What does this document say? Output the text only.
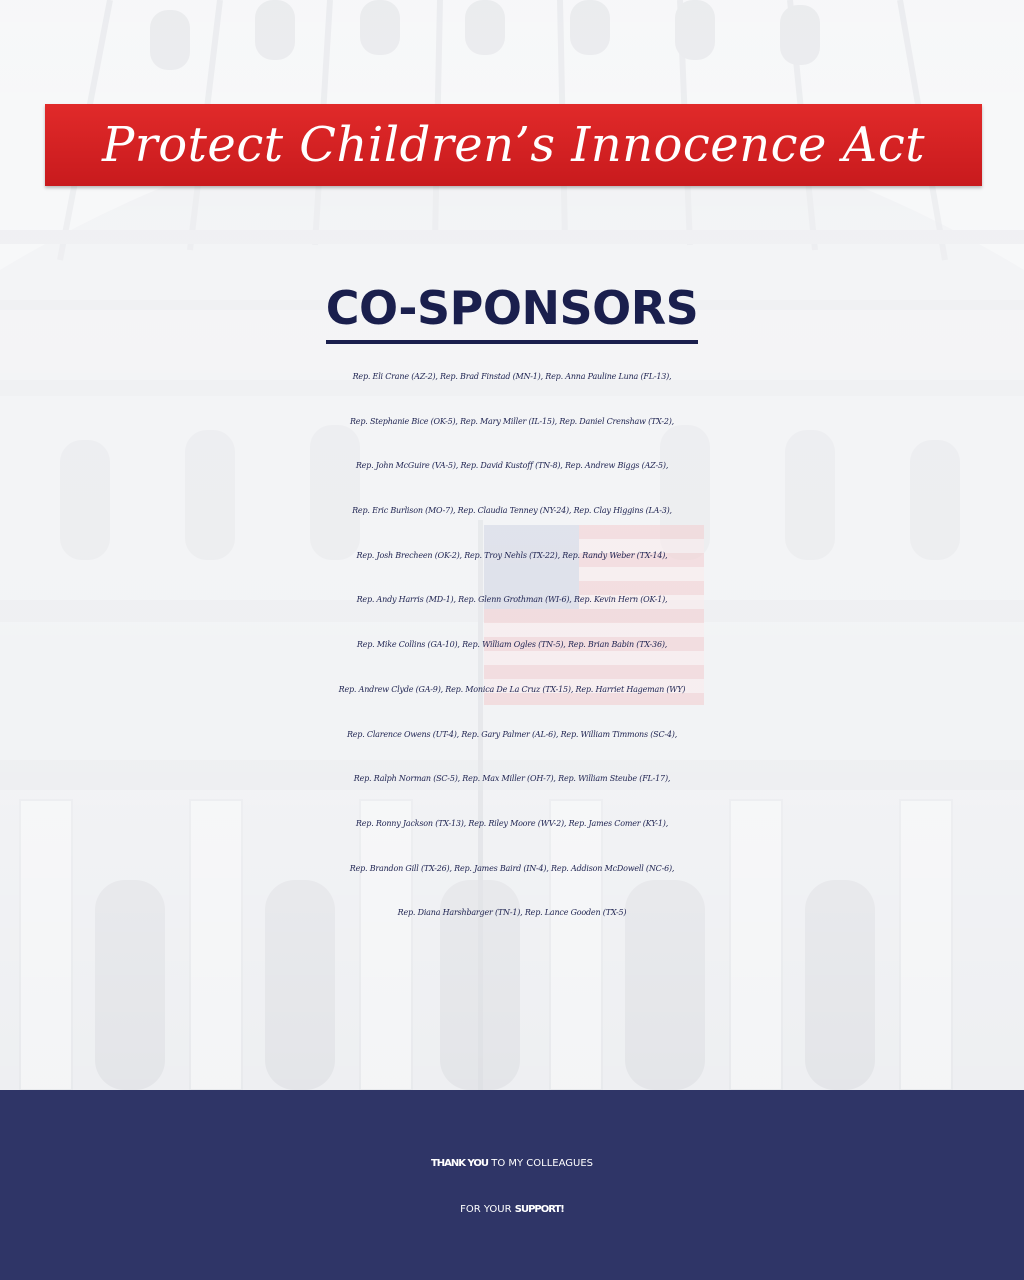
Protect Children’s Innocence Act
CO-SPONSORS
Rep. Eli Crane (AZ-2), Rep. Brad Finstad (MN-1), Rep. Anna Pauline Luna (FL-13),
Rep. Stephanie Bice (OK-5), Rep. Mary Miller (IL-15), Rep. Daniel Crenshaw (TX-2),
Rep. John McGuire (VA-5), Rep. David Kustoff (TN-8), Rep. Andrew Biggs (AZ-5),
Rep. Eric Burlison (MO-7), Rep. Claudia Tenney (NY-24), Rep. Clay Higgins (LA-3),
Rep. Josh Brecheen (OK-2), Rep. Troy Nehls (TX-22), Rep. Randy Weber (TX-14),
Rep. Andy Harris (MD-1), Rep. Glenn Grothman (WI-6), Rep. Kevin Hern (OK-1),
Rep. Mike Collins (GA-10), Rep. William Ogles (TN-5), Rep. Brian Babin (TX-36),
Rep. Andrew Clyde (GA-9), Rep. Monica De La Cruz (TX-15), Rep. Harriet Hageman (WY)
Rep. Clarence Owens (UT-4), Rep. Gary Palmer (AL-6), Rep. William Timmons (SC-4),
Rep. Ralph Norman (SC-5), Rep. Max Miller (OH-7), Rep. William Steube (FL-17),
Rep. Ronny Jackson (TX-13), Rep. Riley Moore (WV-2), Rep. James Comer (KY-1),
Rep. Brandon Gill (TX-26), Rep. James Baird (IN-4), Rep. Addison McDowell (NC-6),
Rep. Diana Harshbarger (TN-1), Rep. Lance Gooden (TX-5)
THANK YOU TO MY COLLEAGUES
FOR YOUR SUPPORT!
